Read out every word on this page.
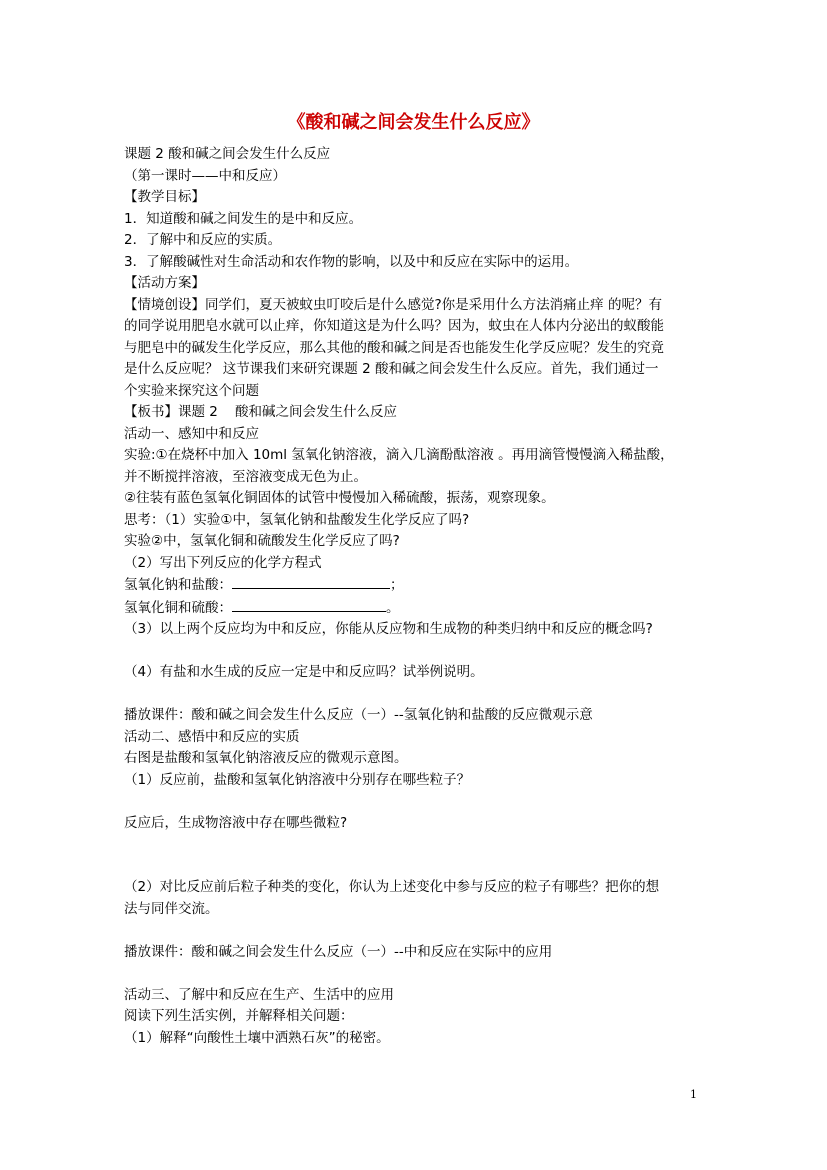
《酸和碱之间会发生什么反应》

课题 2 酸和碱之间会发生什么反应

（第一课时——中和反应）

【教学目标】

1．知道酸和碱之间发生的是中和反应。

2．了解中和反应的实质。

3．了解酸碱性对生命活动和农作物的影响，以及中和反应在实际中的运用。

【活动方案】

【情境创设】同学们，夏天被蚊虫叮咬后是什么感觉?你是采用什么方法消痛止痒 的呢？有

的同学说用肥皂水就可以止痒，你知道这是为什么吗？因为，蚊虫在人体内分泌出的蚁酸能

与肥皂中的碱发生化学反应，那么其他的酸和碱之间是否也能发生化学反应呢？发生的究竟

是什么反应呢？ 这节课我们来研究课题 2 酸和碱之间会发生什么反应。首先，我们通过一

个实验来探究这个问题

【板书】课题 2    酸和碱之间会发生什么反应

活动一、感知中和反应

实验:①在烧杯中加入 10ml 氢氧化钠溶液，滴入几滴酚酞溶液 。再用滴管慢慢滴入稀盐酸，

并不断搅拌溶液，至溶液变成无色为止。

②往装有蓝色氢氧化铜固体的试管中慢慢加入稀硫酸，振荡，观察现象。

思考：（1）实验①中，氢氧化钠和盐酸发生化学反应了吗?

实验②中，氢氧化铜和硫酸发生化学反应了吗?

（2）写出下列反应的化学方程式

氢氧化钠和盐酸：	；

氢氧化铜和硫酸：	。

（3）以上两个反应均为中和反应，你能从反应物和生成物的种类归纳中和反应的概念吗?

（4）有盐和水生成的反应一定是中和反应吗？试举例说明。

播放课件：酸和碱之间会发生什么反应（一）--氢氧化钠和盐酸的反应微观示意

活动二、感悟中和反应的实质

右图是盐酸和氢氧化钠溶液反应的微观示意图。

（1）反应前，盐酸和氢氧化钠溶液中分别存在哪些粒子？

反应后，生成物溶液中存在哪些微粒?

（2）对比反应前后粒子种类的变化，你认为上述变化中参与反应的粒子有哪些？把你的想

法与同伴交流。

播放课件：酸和碱之间会发生什么反应（一）--中和反应在实际中的应用

活动三、了解中和反应在生产、生活中的应用

阅读下列生活实例，并解释相关问题：

（1）解释“向酸性土壤中洒熟石灰”的秘密。

1
